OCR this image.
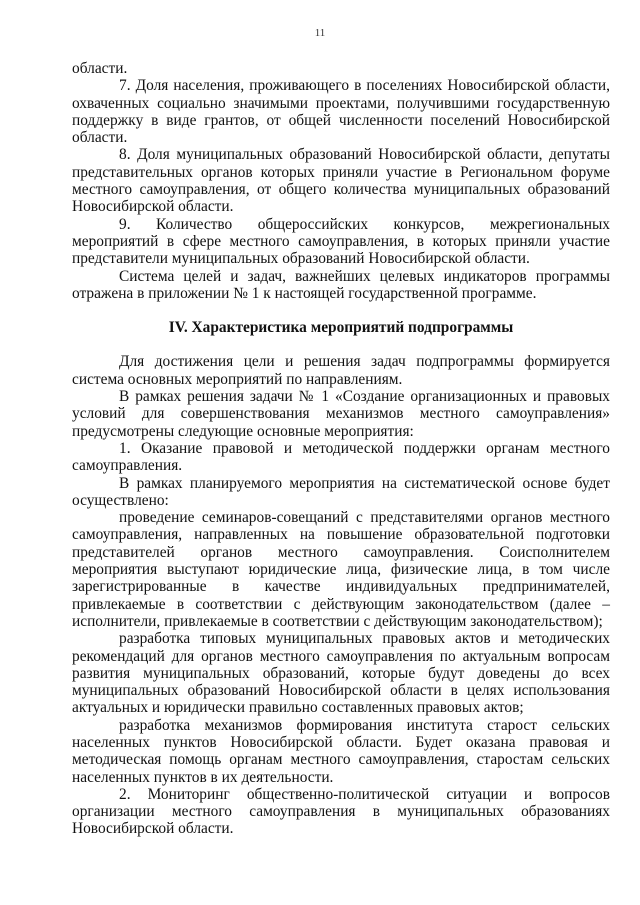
11

области.

7. Доля населения, проживающего в поселениях Новосибирской области, охваченных социально значимыми проектами, получившими государственную поддержку в виде грантов, от общей численности поселений Новосибирской области.

8. Доля муниципальных образований Новосибирской области, депутаты представительных органов которых приняли участие в Региональном форуме местного самоуправления, от общего количества муниципальных образований Новосибирской области.

9. Количество общероссийских конкурсов, межрегиональных мероприятий в сфере местного самоуправления, в которых приняли участие представители муниципальных образований Новосибирской области.

Система целей и задач, важнейших целевых индикаторов программы отражена в приложении № 1 к настоящей государственной программе.

IV. Характеристика мероприятий подпрограммы

Для достижения цели и решения задач подпрограммы формируется система основных мероприятий по направлениям.

В рамках решения задачи № 1 «Создание организационных и правовых условий для совершенствования механизмов местного самоуправления» предусмотрены следующие основные мероприятия:

1. Оказание правовой и методической поддержки органам местного самоуправления.

В рамках планируемого мероприятия на систематической основе будет осуществлено:

проведение семинаров-совещаний с представителями органов местного самоуправления, направленных на повышение образовательной подготовки представителей органов местного самоуправления. Соисполнителем мероприятия выступают юридические лица, физические лица, в том числе зарегистрированные в качестве индивидуальных предпринимателей, привлекаемые в соответствии с действующим законодательством (далее – исполнители, привлекаемые в соответствии с действующим законодательством);

разработка типовых муниципальных правовых актов и методических рекомендаций для органов местного самоуправления по актуальным вопросам развития муниципальных образований, которые будут доведены до всех муниципальных образований Новосибирской области в целях использования актуальных и юридически правильно составленных правовых актов;

разработка механизмов формирования института старост сельских населенных пунктов Новосибирской области. Будет оказана правовая и методическая помощь органам местного самоуправления, старостам сельских населенных пунктов в их деятельности.

2. Мониторинг общественно-политической ситуации и вопросов организации местного самоуправления в муниципальных образованиях Новосибирской области.
